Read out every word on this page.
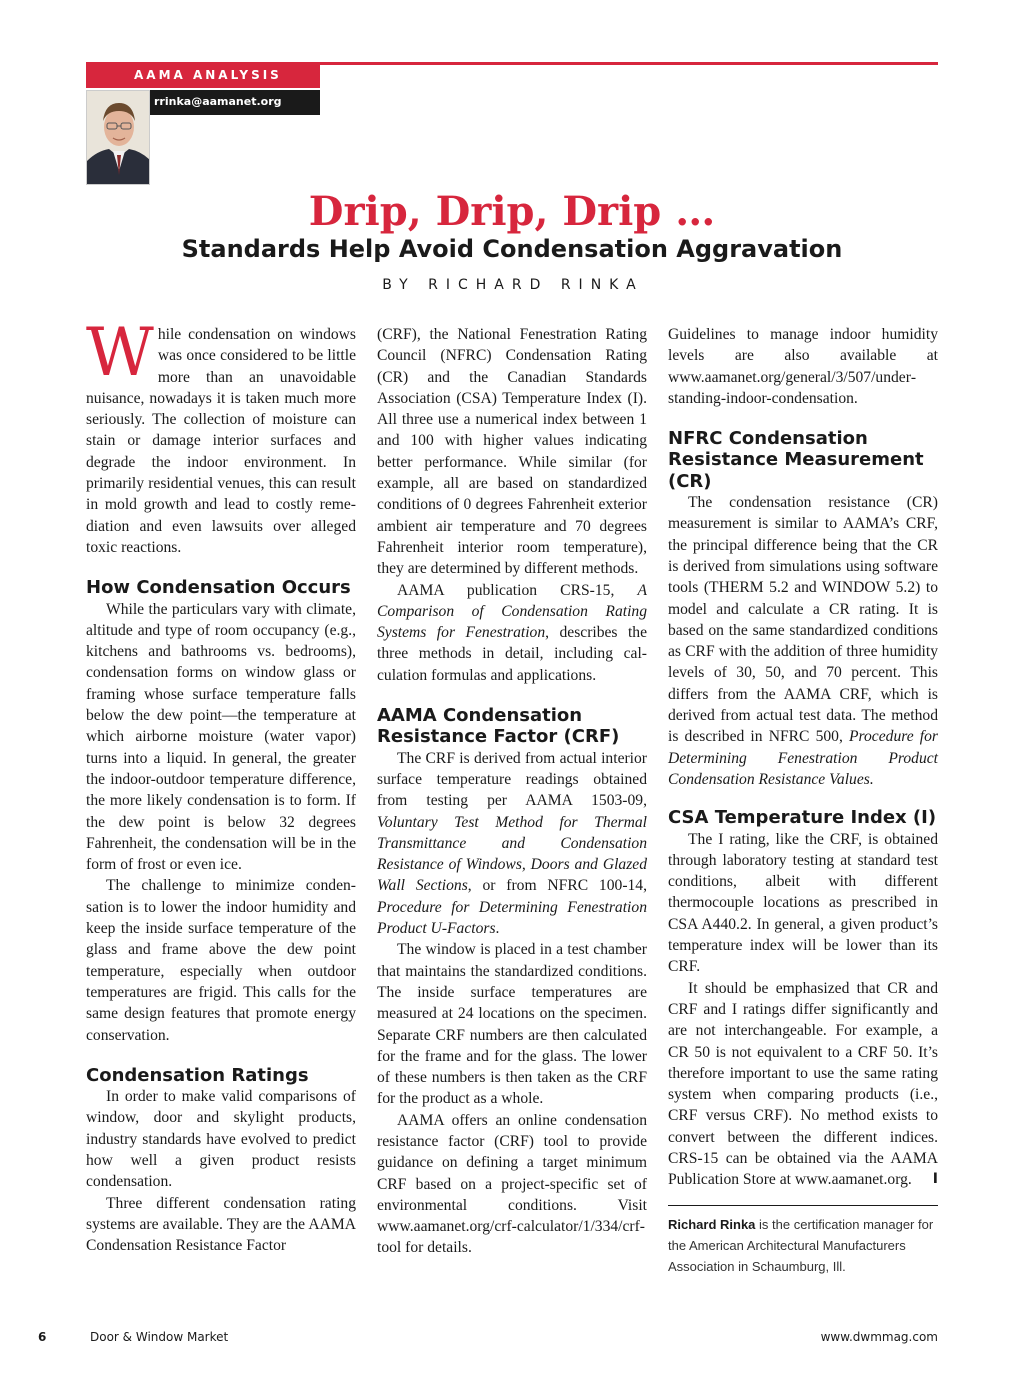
AAMA ANALYSIS
rrinka@aamanet.org
Drip, Drip, Drip …
Standards Help Avoid Condensation Aggravation
BY RICHARD RINKA

While condensation on windows was once considered to be little more than an unavoidable nuisance, nowadays it is taken much more seriously. The collection of moisture can stain or damage interior surfaces and degrade the indoor environment. In primarily residential venues, this can result in mold growth and lead to costly remediation and even lawsuits over alleged toxic reactions.

How Condensation Occurs

While the particulars vary with climate, altitude and type of room occupancy (e.g., kitchens and bathrooms vs. bedrooms), condensation forms on window glass or framing whose surface temperature falls below the dew point—the temperature at which airborne moisture (water vapor) turns into a liquid. In general, the greater the indoor-outdoor temperature difference, the more likely condensation is to form. If the dew point is below 32 degrees Fahrenheit, the condensation will be in the form of frost or even ice.

The challenge to minimize condensation is to lower the indoor humidity and keep the inside surface temperature of the glass and frame above the dew point temperature, especially when outdoor temperatures are frigid. This calls for the same design features that promote energy conservation.

Condensation Ratings

In order to make valid comparisons of window, door and skylight products, industry standards have evolved to predict how well a given product resists condensation.

Three different condensation rating systems are available. They are the AAMA Condensation Resistance Factor

(CRF), the National Fenestration Rating Council (NFRC) Condensation Rating (CR) and the Canadian Standards Association (CSA) Temperature Index (I). All three use a numerical index between 1 and 100 with higher values indicating better performance. While similar (for example, all are based on standardized conditions of 0 degrees Fahrenheit exterior ambient air temperature and 70 degrees Fahrenheit interior room temperature), they are determined by different methods.

AAMA publication CRS-15, A Comparison of Condensation Rating Systems for Fenestration, describes the three methods in detail, including calculation formulas and applications.

AAMA Condensation Resistance Factor (CRF)

The CRF is derived from actual interior surface temperature readings obtained from testing per AAMA 1503-09, Voluntary Test Method for Thermal Transmittance and Condensation Resistance of Windows, Doors and Glazed Wall Sections, or from NFRC 100-14, Procedure for Determining Fenestration Product U-Factors.

The window is placed in a test chamber that maintains the standardized conditions. The inside surface temperatures are measured at 24 locations on the specimen. Separate CRF numbers are then calculated for the frame and for the glass. The lower of these numbers is then taken as the CRF for the product as a whole.

AAMA offers an online condensation resistance factor (CRF) tool to provide guidance on defining a target minimum CRF based on a project-specific set of environmental conditions. Visit www.aamanet.org/crf-calculator/1/334/crf-tool for details.

Guidelines to manage indoor humidity levels are also available at www.aamanet.org/general/3/507/understanding-indoor-condensation.

NFRC Condensation Resistance Measurement (CR)

The condensation resistance (CR) measurement is similar to AAMA’s CRF, the principal difference being that the CR is derived from simulations using software tools (THERM 5.2 and WINDOW 5.2) to model and calculate a CR rating. It is based on the same standardized conditions as CRF with the addition of three humidity levels of 30, 50, and 70 percent. This differs from the AAMA CRF, which is derived from actual test data. The method is described in NFRC 500, Procedure for Determining Fenestration Product Condensation Resistance Values.

CSA Temperature Index (I)

The I rating, like the CRF, is obtained through laboratory testing at standard test conditions, albeit with different thermocouple locations as prescribed in CSA A440.2. In general, a given product’s temperature index will be lower than its CRF.

It should be emphasized that CR and CRF and I ratings differ significantly and are not interchangeable. For example, a CR 50 is not equivalent to a CRF 50. It’s therefore important to use the same rating system when comparing products (i.e., CRF versus CRF). No method exists to convert between the different indices. CRS-15 can be obtained via the AAMA Publication Store at www.aamanet.org.	I

Richard Rinka is the certification manager for the American Architectural Manufacturers Association in Schaumburg, Ill.

6	Door & Window Market	www.dwmmag.com
